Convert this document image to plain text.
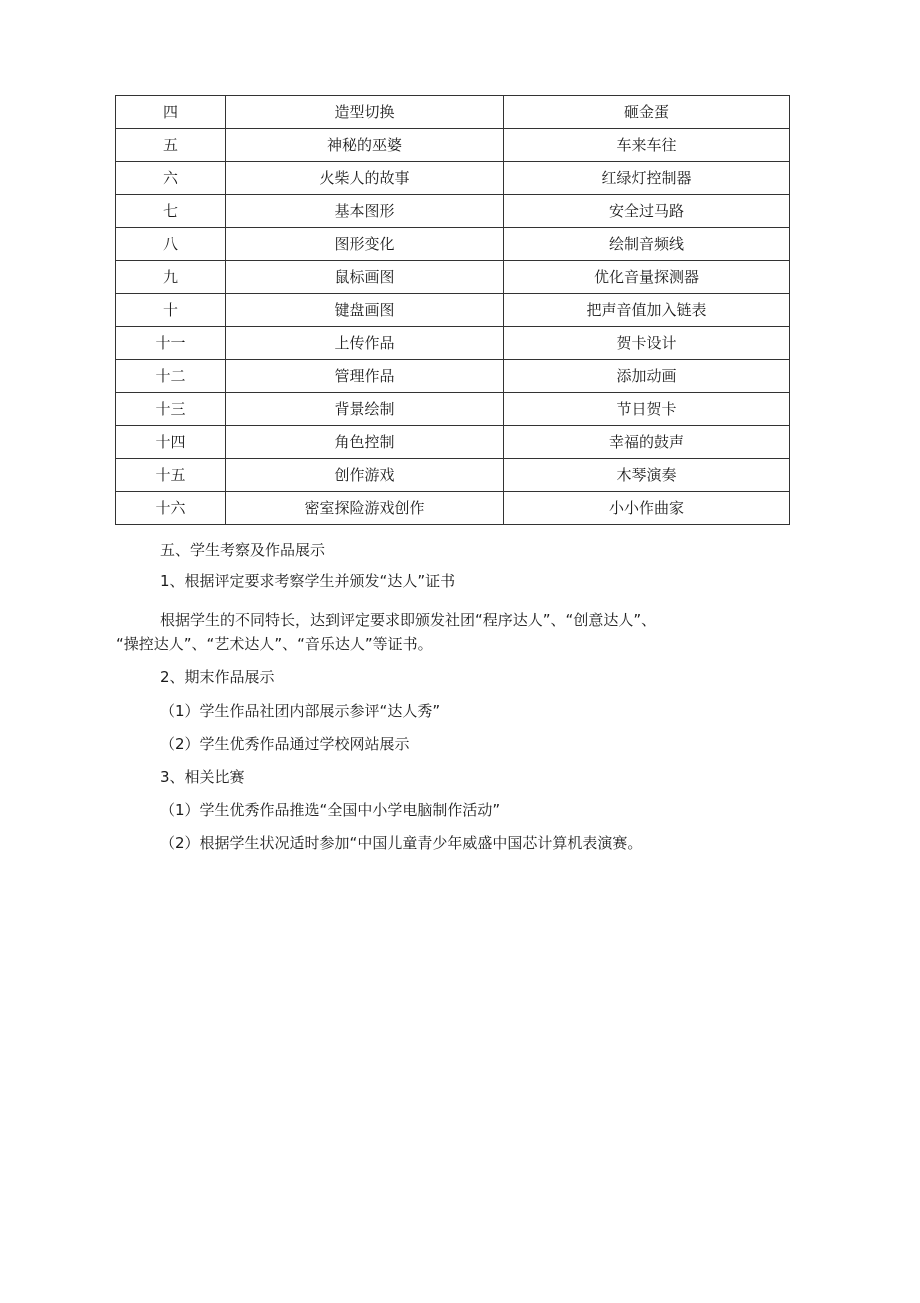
四	造型切换	砸金蛋
五	神秘的巫婆	车来车往
六	火柴人的故事	红绿灯控制器
七	基本图形	安全过马路
八	图形变化	绘制音频线
九	鼠标画图	优化音量探测器
十	键盘画图	把声音值加入链表
十一	上传作品	贺卡设计
十二	管理作品	添加动画
十三	背景绘制	节日贺卡
十四	角色控制	幸福的鼓声
十五	创作游戏	木琴演奏
十六	密室探险游戏创作	小小作曲家
五、学生考察及作品展示
1、根据评定要求考察学生并颁发“达人”证书
根据学生的不同特长，达到评定要求即颁发社团“程序达人”、“创意达人”、
“操控达人”、“艺术达人”、“音乐达人”等证书。
2、期末作品展示
（1）学生作品社团内部展示参评“达人秀”
（2）学生优秀作品通过学校网站展示
3、相关比赛
（1）学生优秀作品推选“全国中小学电脑制作活动”
（2）根据学生状况适时参加“中国儿童青少年威盛中国芯计算机表演赛。
